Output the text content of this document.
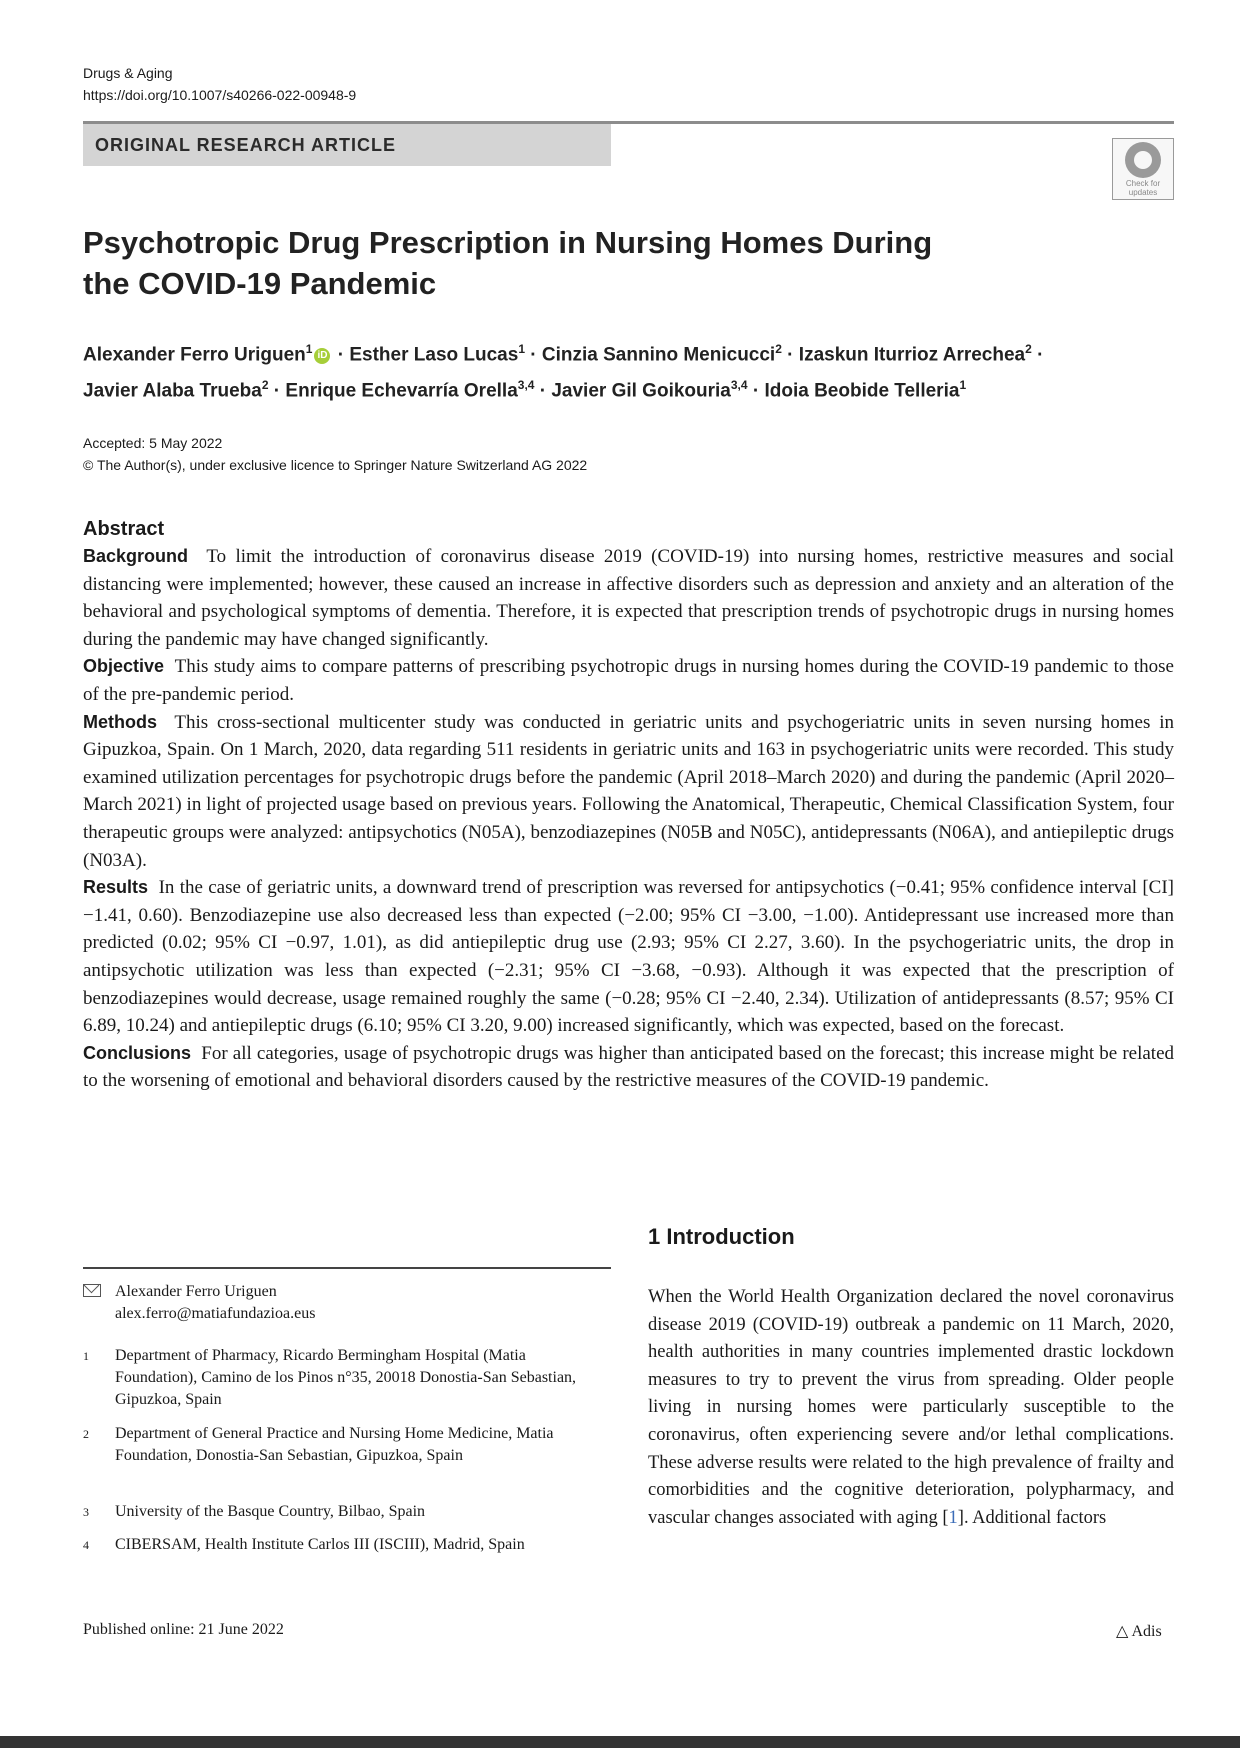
Drugs & Aging
https://doi.org/10.1007/s40266-022-00948-9
ORIGINAL RESEARCH ARTICLE
Check for updates
Psychotropic Drug Prescription in Nursing Homes During the COVID-19 Pandemic
Alexander Ferro Uriguen$^1$ iD · Esther Laso Lucas$^1$ · Cinzia Sannino Menicucci$^2$ · Izaskun Iturrioz Arrechea$^2$ ·
Javier Alaba Trueba$^2$ · Enrique Echevarría Orella$^{3,4}$ · Javier Gil Goikouria$^{3,4}$ · Idoia Beobide Telleria$^1$
Accepted: 5 May 2022
© The Author(s), under exclusive licence to Springer Nature Switzerland AG 2022
Abstract

Background To limit the introduction of coronavirus disease 2019 (COVID-19) into nursing homes, restrictive measures and social distancing were implemented; however, these caused an increase in affective disorders such as depression and anxiety and an alteration of the behavioral and psychological symptoms of dementia. Therefore, it is expected that prescription trends of psychotropic drugs in nursing homes during the pandemic may have changed significantly.

Objective This study aims to compare patterns of prescribing psychotropic drugs in nursing homes during the COVID-19 pandemic to those of the pre-pandemic period.

Methods This cross-sectional multicenter study was conducted in geriatric units and psychogeriatric units in seven nursing homes in Gipuzkoa, Spain. On 1 March, 2020, data regarding 511 residents in geriatric units and 163 in psychogeriatric units were recorded. This study examined utilization percentages for psychotropic drugs before the pandemic (April 2018–March 2020) and during the pandemic (April 2020–March 2021) in light of projected usage based on previous years. Following the Anatomical, Therapeutic, Chemical Classification System, four therapeutic groups were analyzed: antipsychotics (N05A), benzodiazepines (N05B and N05C), antidepressants (N06A), and antiepileptic drugs (N03A).

Results In the case of geriatric units, a downward trend of prescription was reversed for antipsychotics (−0.41; 95% confidence interval [CI] −1.41, 0.60). Benzodiazepine use also decreased less than expected (−2.00; 95% CI −3.00, −1.00). Antidepressant use increased more than predicted (0.02; 95% CI −0.97, 1.01), as did antiepileptic drug use (2.93; 95% CI 2.27, 3.60). In the psychogeriatric units, the drop in antipsychotic utilization was less than expected (−2.31; 95% CI −3.68, −0.93). Although it was expected that the prescription of benzodiazepines would decrease, usage remained roughly the same (−0.28; 95% CI −2.40, 2.34). Utilization of antidepressants (8.57; 95% CI 6.89, 10.24) and antiepileptic drugs (6.10; 95% CI 3.20, 9.00) increased significantly, which was expected, based on the forecast.

Conclusions For all categories, usage of psychotropic drugs was higher than anticipated based on the forecast; this increase might be related to the worsening of emotional and behavioral disorders caused by the restrictive measures of the COVID-19 pandemic.

Alexander Ferro Uriguen
alex.ferro@matiafundazioa.eus
1	Department of Pharmacy, Ricardo Bermingham Hospital (Matia Foundation), Camino de los Pinos n°35, 20018 Donostia-San Sebastian, Gipuzkoa, Spain
2	Department of General Practice and Nursing Home Medicine, Matia Foundation, Donostia-San Sebastian, Gipuzkoa, Spain
3	University of the Basque Country, Bilbao, Spain
4	CIBERSAM, Health Institute Carlos III (ISCIII), Madrid, Spain
1 Introduction

When the World Health Organization declared the novel coronavirus disease 2019 (COVID-19) outbreak a pandemic on 11 March, 2020, health authorities in many countries implemented drastic lockdown measures to try to prevent the virus from spreading. Older people living in nursing homes were particularly susceptible to the coronavirus, often experiencing severe and/or lethal complications. These adverse results were related to the high prevalence of frailty and comorbidities and the cognitive deterioration, polypharmacy, and vascular changes associated with aging [1]. Additional factors

Published online: 21 June 2022	△ Adis
